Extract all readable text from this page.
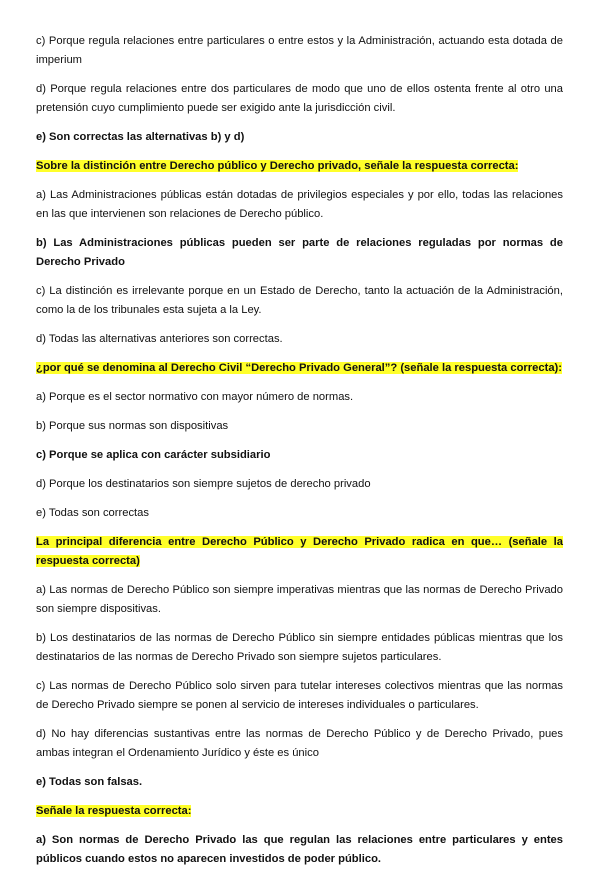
c) Porque regula relaciones entre particulares o entre estos y la Administración, actuando esta dotada de imperium

d) Porque regula relaciones entre dos particulares de modo que uno de ellos ostenta frente al otro una pretensión cuyo cumplimiento puede ser exigido ante la jurisdicción civil.

e) Son correctas las alternativas b) y d)

Sobre la distinción entre Derecho público y Derecho privado, señale la respuesta correcta:

a) Las Administraciones públicas están dotadas de privilegios especiales y por ello, todas las relaciones en las que intervienen son relaciones de Derecho público.

b) Las Administraciones públicas pueden ser parte de relaciones reguladas por normas de Derecho Privado

c) La distinción es irrelevante porque en un Estado de Derecho, tanto la actuación de la Administración, como la de los tribunales esta sujeta a la Ley.

d) Todas las alternativas anteriores son correctas.

¿por qué se denomina al Derecho Civil “Derecho Privado General”? (señale la respuesta correcta):

a) Porque es el sector normativo con mayor número de normas.

b) Porque sus normas son dispositivas

c) Porque se aplica con carácter subsidiario

d) Porque los destinatarios son siempre sujetos de derecho privado

e) Todas son correctas

La principal diferencia entre Derecho Público y Derecho Privado radica en que… (señale la respuesta correcta)

a) Las normas de Derecho Público son siempre imperativas mientras que las normas de Derecho Privado son siempre dispositivas.

b) Los destinatarios de las normas de Derecho Público sin siempre entidades públicas mientras que los destinatarios de las normas de Derecho Privado son siempre sujetos particulares.

c) Las normas de Derecho Público solo sirven para tutelar intereses colectivos mientras que las normas de Derecho Privado siempre se ponen al servicio de intereses individuales o particulares.

d) No hay diferencias sustantivas entre las normas de Derecho Público y de Derecho Privado, pues ambas integran el Ordenamiento Jurídico y éste es único

e) Todas son falsas.

Señale la respuesta correcta:

a) Son normas de Derecho Privado las que regulan las relaciones entre particulares y entes públicos cuando estos no aparecen investidos de poder público.
